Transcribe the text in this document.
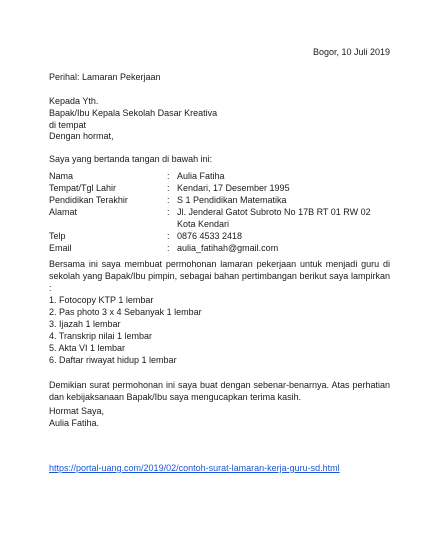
Bogor, 10 Juli 2019
Perihal: Lamaran Pekerjaan
Kepada Yth.
Bapak/Ibu Kepala Sekolah Dasar Kreativa
di tempat
Dengan hormat,
Saya yang bertanda tangan di bawah ini:
Nama	: Aulia Fatiha
Tempat/Tgl Lahir	: Kendari, 17 Desember 1995
Pendidikan Terakhir	: S 1 Pendidikan Matematika
Alamat	: Jl. Jenderal Gatot Subroto No 17B RT 01 RW 02 Kota Kendari
Telp	: 0876 4533 2418
Email	: aulia_fatihah@gmail.com
Bersama ini saya membuat permohonan lamaran pekerjaan untuk menjadi guru di sekolah yang Bapak/Ibu pimpin, sebagai bahan pertimbangan berikut saya lampirkan :
1. Fotocopy KTP 1 lembar
2. Pas photo 3 x 4 Sebanyak 1 lembar
3. Ijazah 1 lembar
4. Transkrip nilai 1 lembar
5. Akta VI 1 lembar
6. Daftar riwayat hidup 1 lembar
Demikian surat permohonan ini saya buat dengan sebenar-benarnya. Atas perhatian dan kebijaksanaan Bapak/Ibu saya mengucapkan terima kasih.
Hormat Saya,
Aulia Fatiha.
https://portal-uang.com/2019/02/contoh-surat-lamaran-kerja-guru-sd.html
